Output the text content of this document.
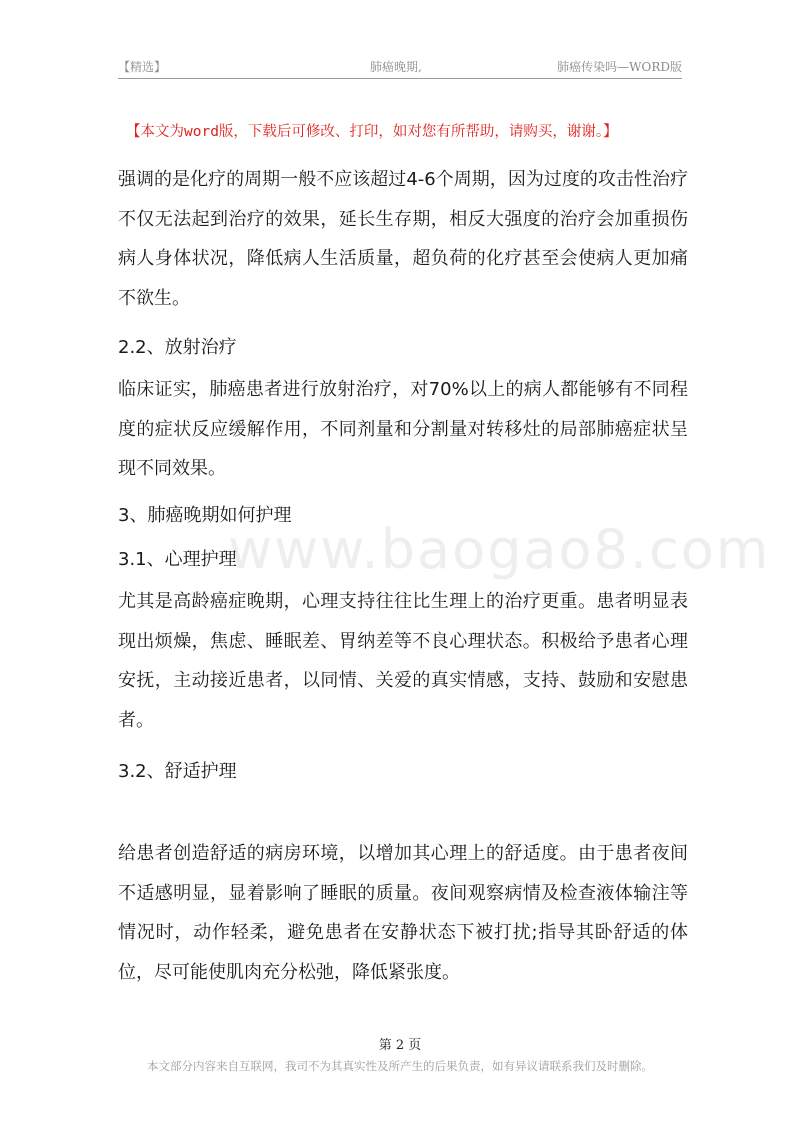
【精选】	肺癌晚期,	肺癌传染吗—WORD版
【本文为word版，下载后可修改、打印，如对您有所帮助，请购买，谢谢。】
www.baogao8.com

强调的是化疗的周期一般不应该超过4-6个周期，因为过度的攻击性治疗不仅无法起到治疗的效果，延长生存期，相反大强度的治疗会加重损伤病人身体状况，降低病人生活质量，超负荷的化疗甚至会使病人更加痛不欲生。

2.2、放射治疗

临床证实，肺癌患者进行放射治疗，对70%以上的病人都能够有不同程度的症状反应缓解作用，不同剂量和分割量对转移灶的局部肺癌症状呈现不同效果。

3、肺癌晚期如何护理

3.1、心理护理

尤其是高龄癌症晚期，心理支持往往比生理上的治疗更重。患者明显表现出烦燥，焦虑、睡眠差、胃纳差等不良心理状态。积极给予患者心理安抚，主动接近患者，以同情、关爱的真实情感，支持、鼓励和安慰患者。

3.2、舒适护理

给患者创造舒适的病房环境，以增加其心理上的舒适度。由于患者夜间不适感明显，显着影响了睡眠的质量。夜间观察病情及检查液体输注等情况时，动作轻柔，避免患者在安静状态下被打扰;指导其卧舒适的体位，尽可能使肌肉充分松弛，降低紧张度。

第 2 页
本文部分内容来自互联网，我司不为其真实性及所产生的后果负责，如有异议请联系我们及时删除。
